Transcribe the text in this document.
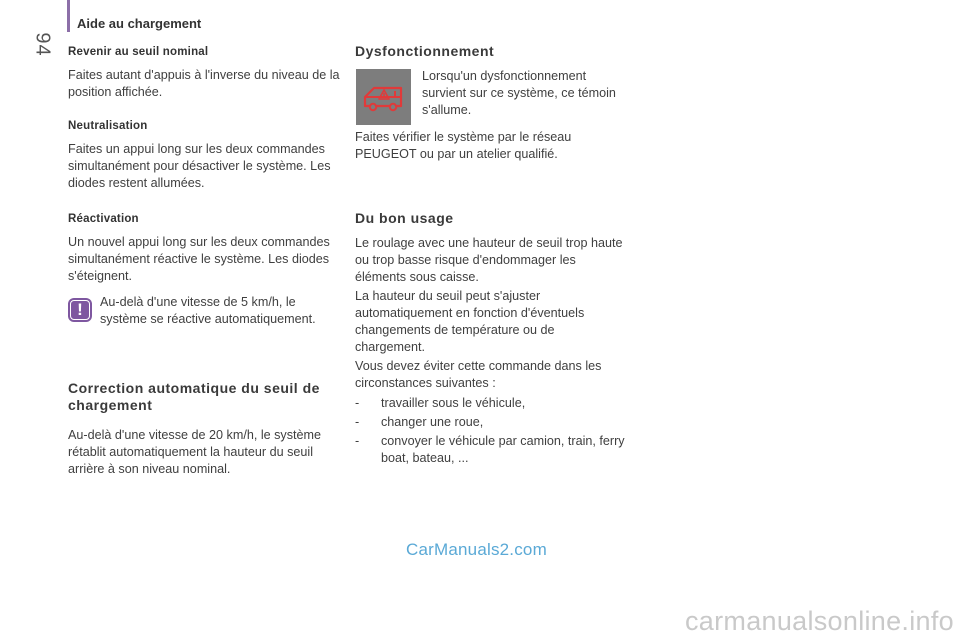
94
Aide au chargement

Revenir au seuil nominal

Faites autant d'appuis à l'inverse du niveau de la position affichée.

Neutralisation

Faites un appui long sur les deux commandes simultanément pour désactiver le système. Les diodes restent allumées.

Réactivation

Un nouvel appui long sur les deux commandes simultanément réactive le système. Les diodes s'éteignent.

! Au-delà d'une vitesse de 5 km/h, le système se réactive automatiquement.

Correction automatique du seuil de chargement

Au-delà d'une vitesse de 20 km/h, le système rétablit automatiquement la hauteur du seuil arrière à son niveau nominal.

Dysfonctionnement

Lorsqu'un dysfonctionnement survient sur ce système, ce témoin s'allume.

Faites vérifier le système par le réseau PEUGEOT ou par un atelier qualifié.

Du bon usage

Le roulage avec une hauteur de seuil trop haute ou trop basse risque d'endommager les éléments sous caisse.

La hauteur du seuil peut s'ajuster automatiquement en fonction d'éventuels changements de température ou de chargement.

Vous devez éviter cette commande dans les circonstances suivantes :

- travailler sous le véhicule,

- changer une roue,

- convoyer le véhicule par camion, train, ferry boat, bateau, ...

CarManuals2.com
carmanualsonline.info
